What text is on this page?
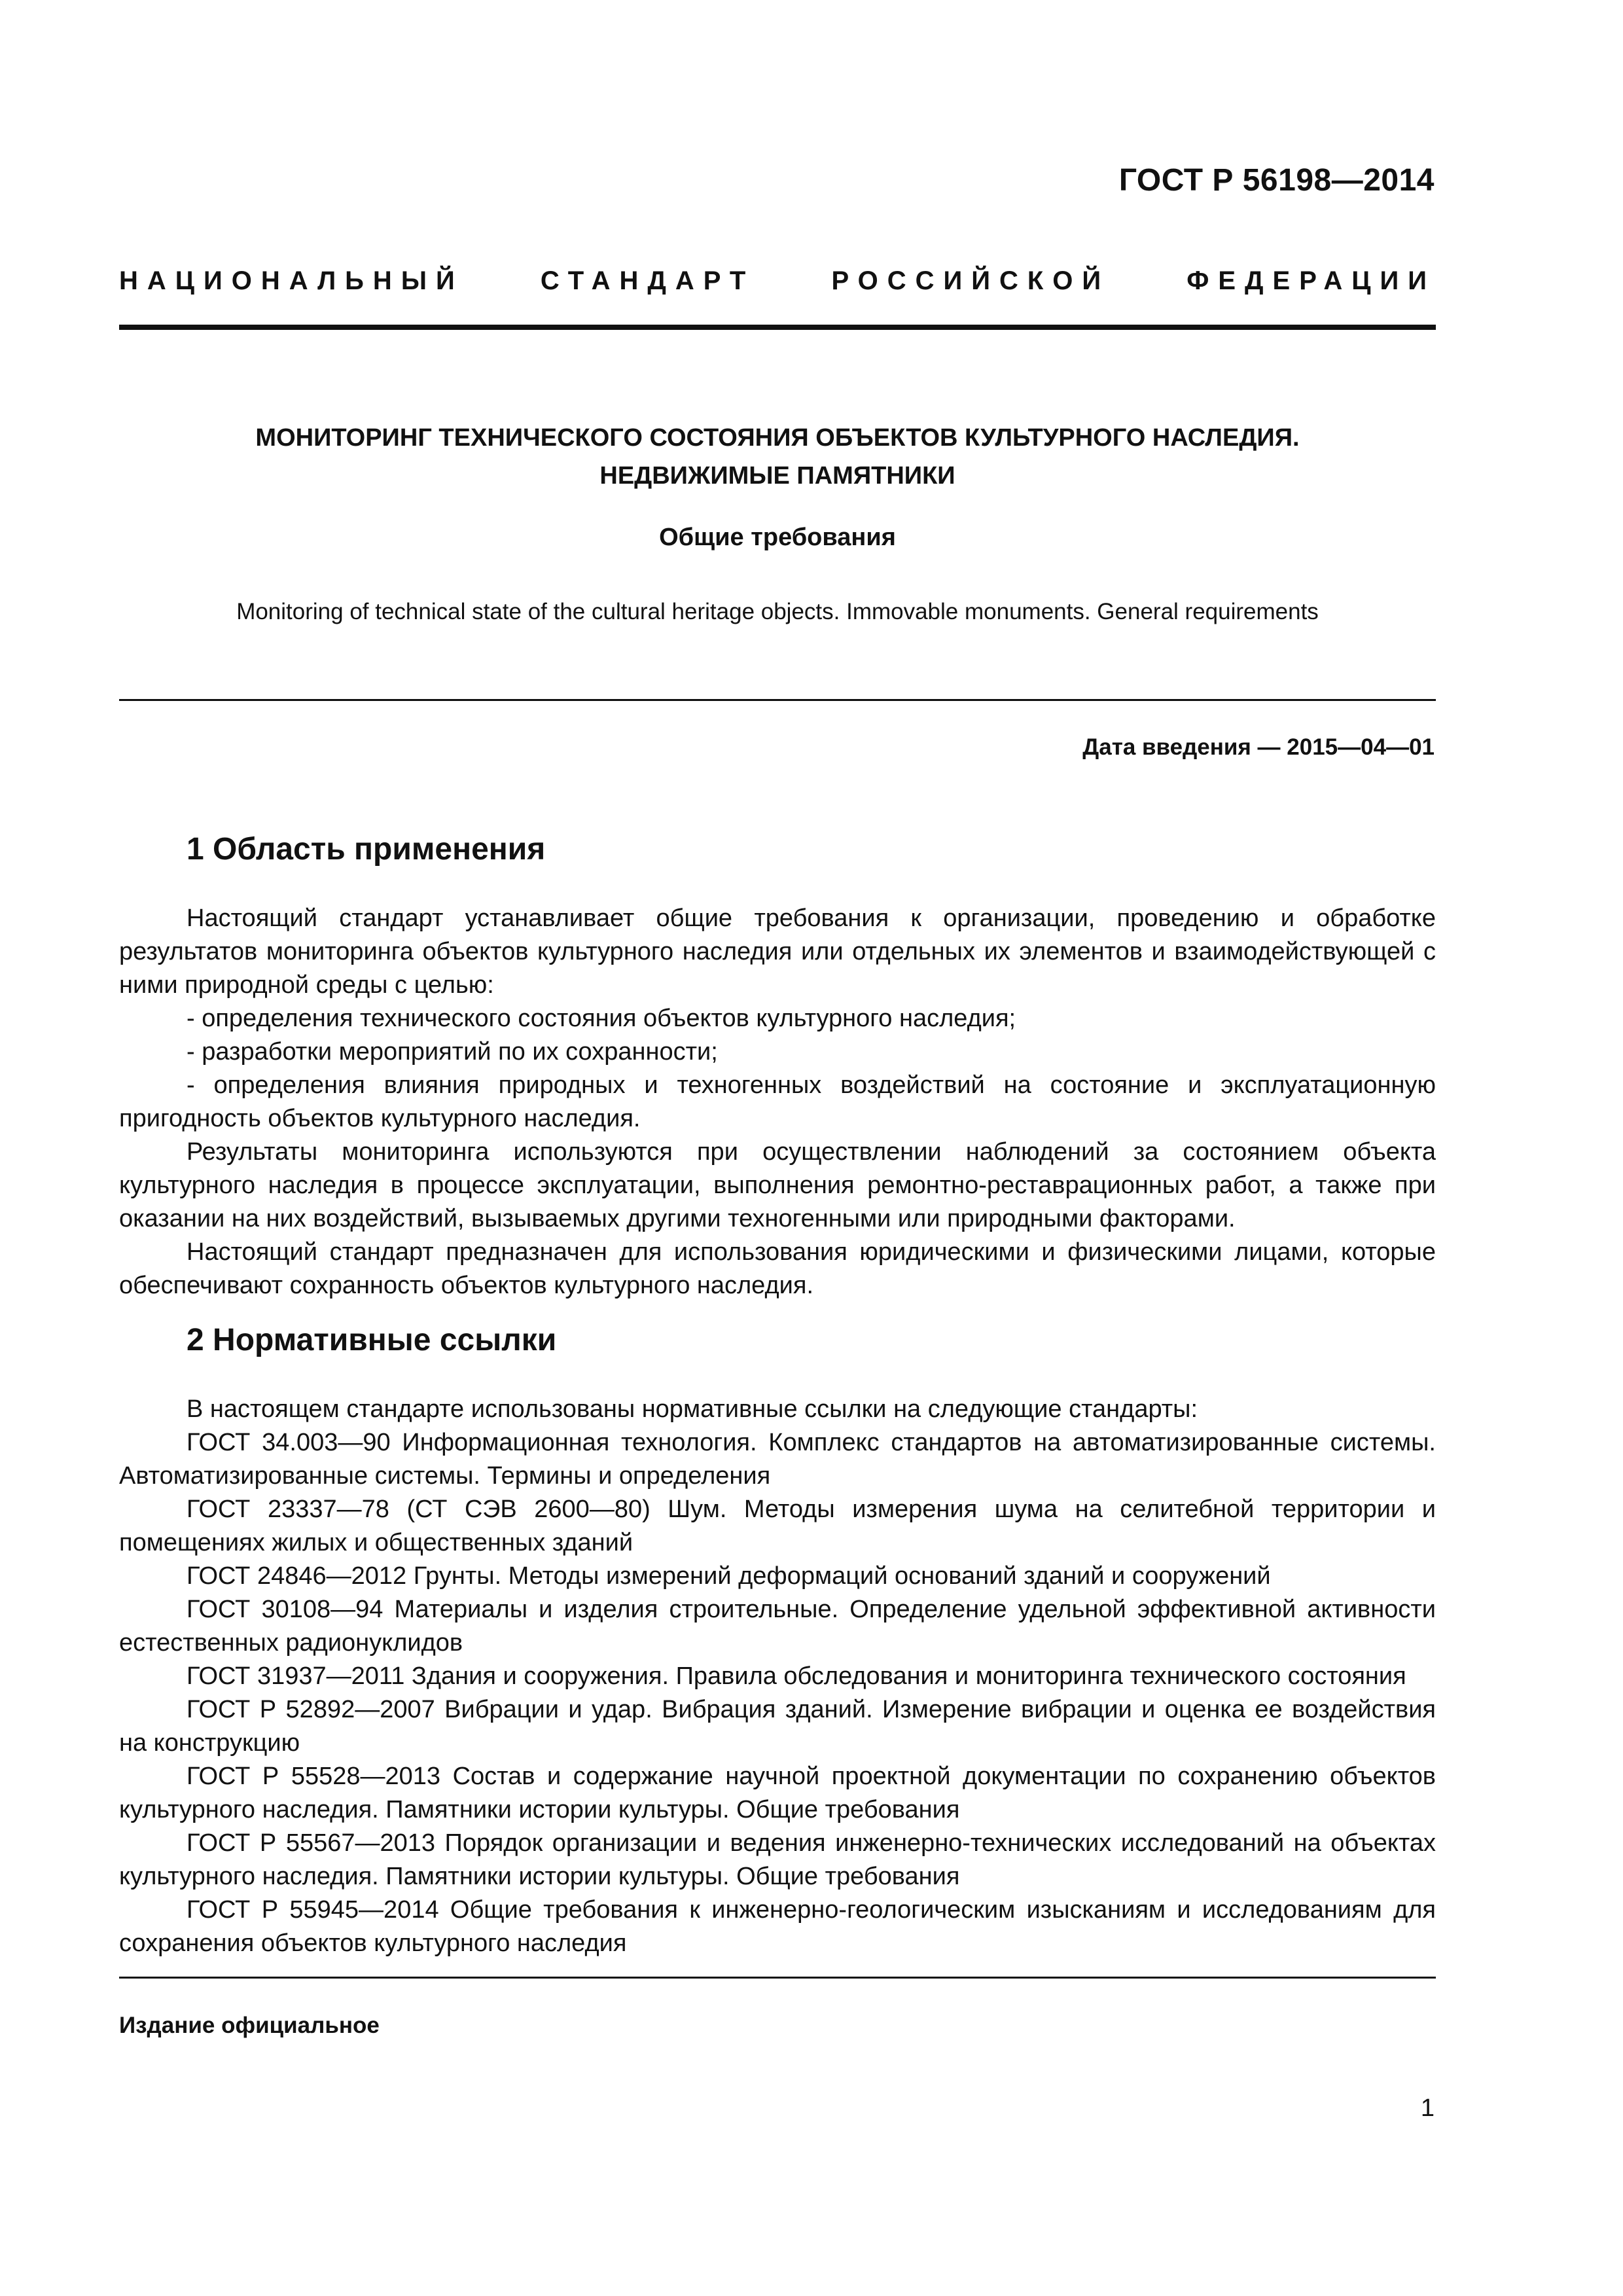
ГОСТ Р 56198—2014
НАЦИОНАЛЬНЫЙ	СТАНДАРТ	РОССИЙСКОЙ	ФЕДЕРАЦИИ
МОНИТОРИНГ ТЕХНИЧЕСКОГО СОСТОЯНИЯ ОБЪЕКТОВ КУЛЬТУРНОГО НАСЛЕДИЯ.
НЕДВИЖИМЫЕ ПАМЯТНИКИ
Общие требования
Monitoring of technical state of the cultural heritage objects. Immovable monuments. General requirements
Дата введения — 2015—04—01
1 Область применения

Настоящий стандарт устанавливает общие требования к организации, проведению и обработке результатов мониторинга объектов культурного наследия или отдельных их элементов и взаимодействующей с ними природной среды с целью:

- определения технического состояния объектов культурного наследия;

- разработки мероприятий по их сохранности;

- определения влияния природных и техногенных воздействий на состояние и эксплуатационную пригодность объектов культурного наследия.

Результаты мониторинга используются при осуществлении наблюдений за состоянием объекта культурного наследия в процессе эксплуатации, выполнения ремонтно-реставрационных работ, а также при оказании на них воздействий, вызываемых другими техногенными или природными факторами.

Настоящий стандарт предназначен для использования юридическими и физическими лицами, которые обеспечивают сохранность объектов культурного наследия.

2 Нормативные ссылки

В настоящем стандарте использованы нормативные ссылки на следующие стандарты:

ГОСТ 34.003—90 Информационная технология. Комплекс стандартов на автоматизированные системы. Автоматизированные системы. Термины и определения

ГОСТ 23337—78 (СТ СЭВ 2600—80) Шум. Методы измерения шума на селитебной территории и помещениях жилых и общественных зданий

ГОСТ 24846—2012 Грунты. Методы измерений деформаций оснований зданий и сооружений

ГОСТ 30108—94 Материалы и изделия строительные. Определение удельной эффективной активности естественных радионуклидов

ГОСТ 31937—2011 Здания и сооружения. Правила обследования и мониторинга технического состояния

ГОСТ Р 52892—2007 Вибрации и удар. Вибрация зданий. Измерение вибрации и оценка ее воздействия на конструкцию

ГОСТ Р 55528—2013 Состав и содержание научной проектной документации по сохранению объектов культурного наследия. Памятники истории культуры. Общие требования

ГОСТ Р 55567—2013 Порядок организации и ведения инженерно-технических исследований на объектах культурного наследия. Памятники истории культуры. Общие требования

ГОСТ Р 55945—2014 Общие требования к инженерно-геологическим изысканиям и исследованиям для сохранения объектов культурного наследия

Издание официальное
1
